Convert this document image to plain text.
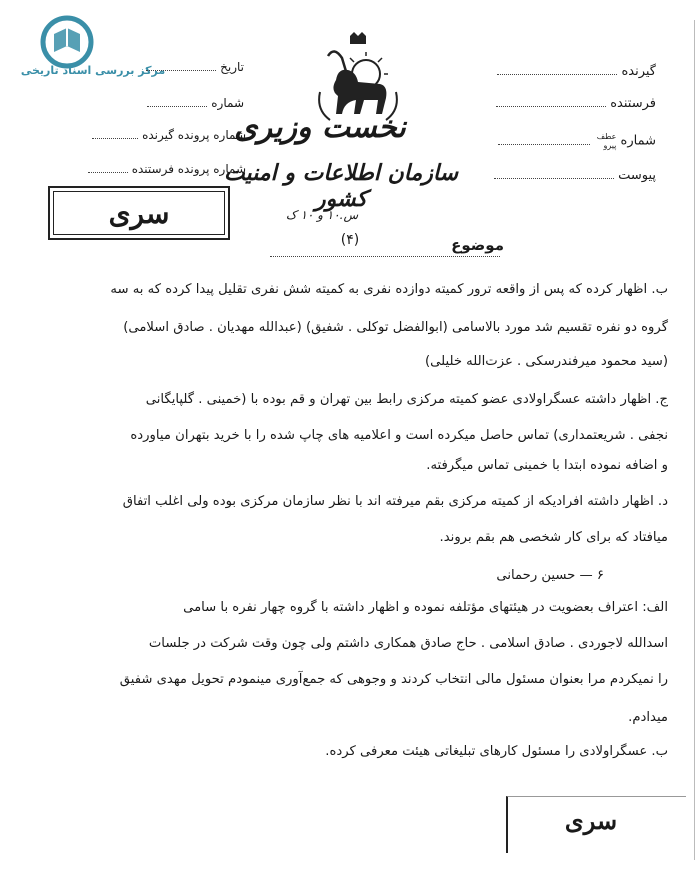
مرکز بررسی اسناد تاریخی	تاریخ
شماره
شماره پرونده گیرنده
شماره پرونده فرستنده
سری
نخست وزیری
سازمان اطلاعات و امنیت کشور
س.۱۰ و ۱۰ ک
(۴)
گیرنده
فرستنده
شماره
عطف
پیرو

پیوست
موضوع
ب. اظهار کرده که پس از واقعه ترور کمیته دوازده نفری به کمیته شش نفری تقلیل پیدا کرده که به سه
گروه دو نفره تقسیم شد مورد بالاسامی (ابوالفضل توکلی . شفیق) (عبدالله مهدیان . صادق اسلامی)
(سید محمود میرفندرسکی . عزت‌الله خلیلی)
ج. اظهار داشته عسگراولادی عضو کمیته مرکزی رابط بین تهران و قم بوده با (خمینی . گلپایگانی
نجفی . شریعتمداری) تماس حاصل میکرده است و اعلامیه های چاپ شده را با خرید بتهران میاورده
و اضافه نموده ابتدا با خمینی تماس میگرفته.
د. اظهار داشته افرادیکه از کمیته مرکزی بقم میرفته اند با نظر سازمان مرکزی بوده ولی اغلب اتفاق
میافتاد که برای کار شخصی هم بقم بروند.
۶ — حسین رحمانی
الف: اعتراف بعضویت در هیئتهای مؤتلفه نموده و اظهار داشته با گروه چهار نفره با سامی
اسدالله لاجوردی . صادق اسلامی . حاج صادق همکاری داشتم ولی چون وقت شرکت در جلسات
را نمیکردم مرا بعنوان مسئول مالی انتخاب کردند و وجوهی که جمع‌آوری مینمودم تحویل مهدی شفیق
میدادم.
ب. عسگراولادی را مسئول کارهای تبلیغاتی هیئت معرفی کرده.
سری
